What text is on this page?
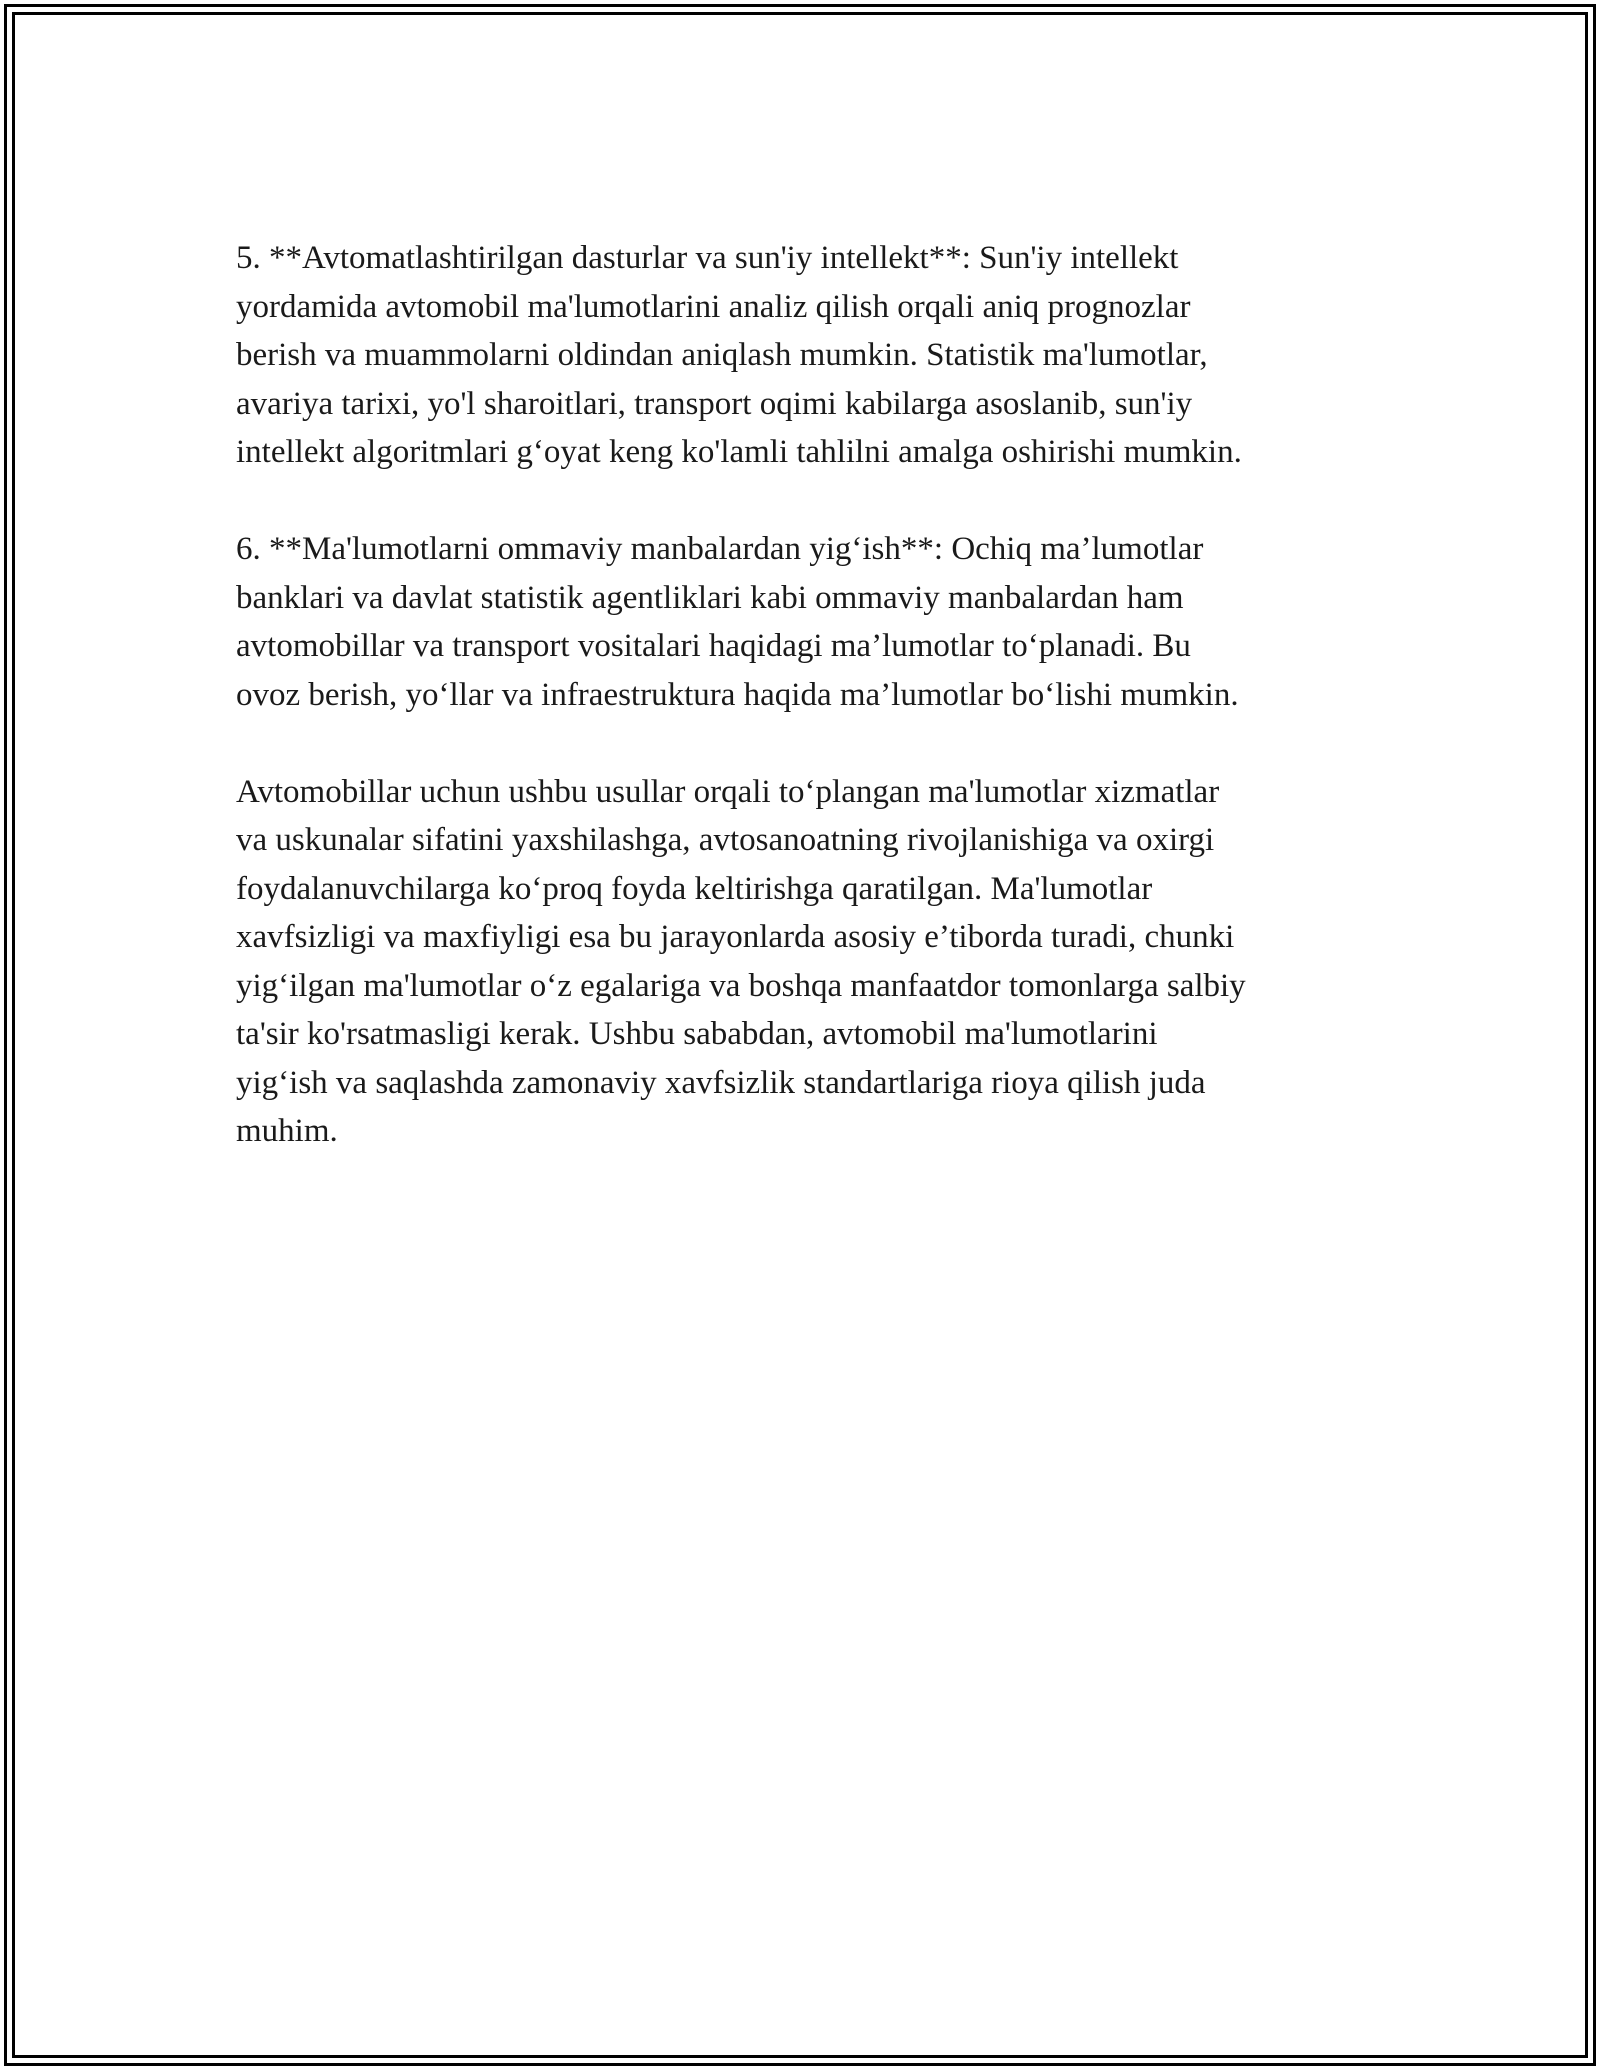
5. **Avtomatlashtirilgan dasturlar va sun'iy intellekt**: Sun'iy intellekt
yordamida avtomobil ma'lumotlarini analiz qilish orqali aniq prognozlar
berish va muammolarni oldindan aniqlash mumkin. Statistik ma'lumotlar,
avariya tarixi, yo'l sharoitlari, transport oqimi kabilarga asoslanib, sun'iy
intellekt algoritmlari g‘oyat keng ko'lamli tahlilni amalga oshirishi mumkin.

6. **Ma'lumotlarni ommaviy manbalardan yig‘ish**: Ochiq ma’lumotlar
banklari va davlat statistik agentliklari kabi ommaviy manbalardan ham
avtomobillar va transport vositalari haqidagi ma’lumotlar to‘planadi. Bu
ovoz berish, yo‘llar va infraestruktura haqida ma’lumotlar bo‘lishi mumkin.

Avtomobillar uchun ushbu usullar orqali to‘plangan ma'lumotlar xizmatlar
va uskunalar sifatini yaxshilashga, avtosanoatning rivojlanishiga va oxirgi
foydalanuvchilarga ko‘proq foyda keltirishga qaratilgan. Ma'lumotlar
xavfsizligi va maxfiyligi esa bu jarayonlarda asosiy e’tiborda turadi, chunki
yig‘ilgan ma'lumotlar o‘z egalariga va boshqa manfaatdor tomonlarga salbiy
ta'sir ko'rsatmasligi kerak. Ushbu sababdan, avtomobil ma'lumotlarini
yig‘ish va saqlashda zamonaviy xavfsizlik standartlariga rioya qilish juda
muhim.
